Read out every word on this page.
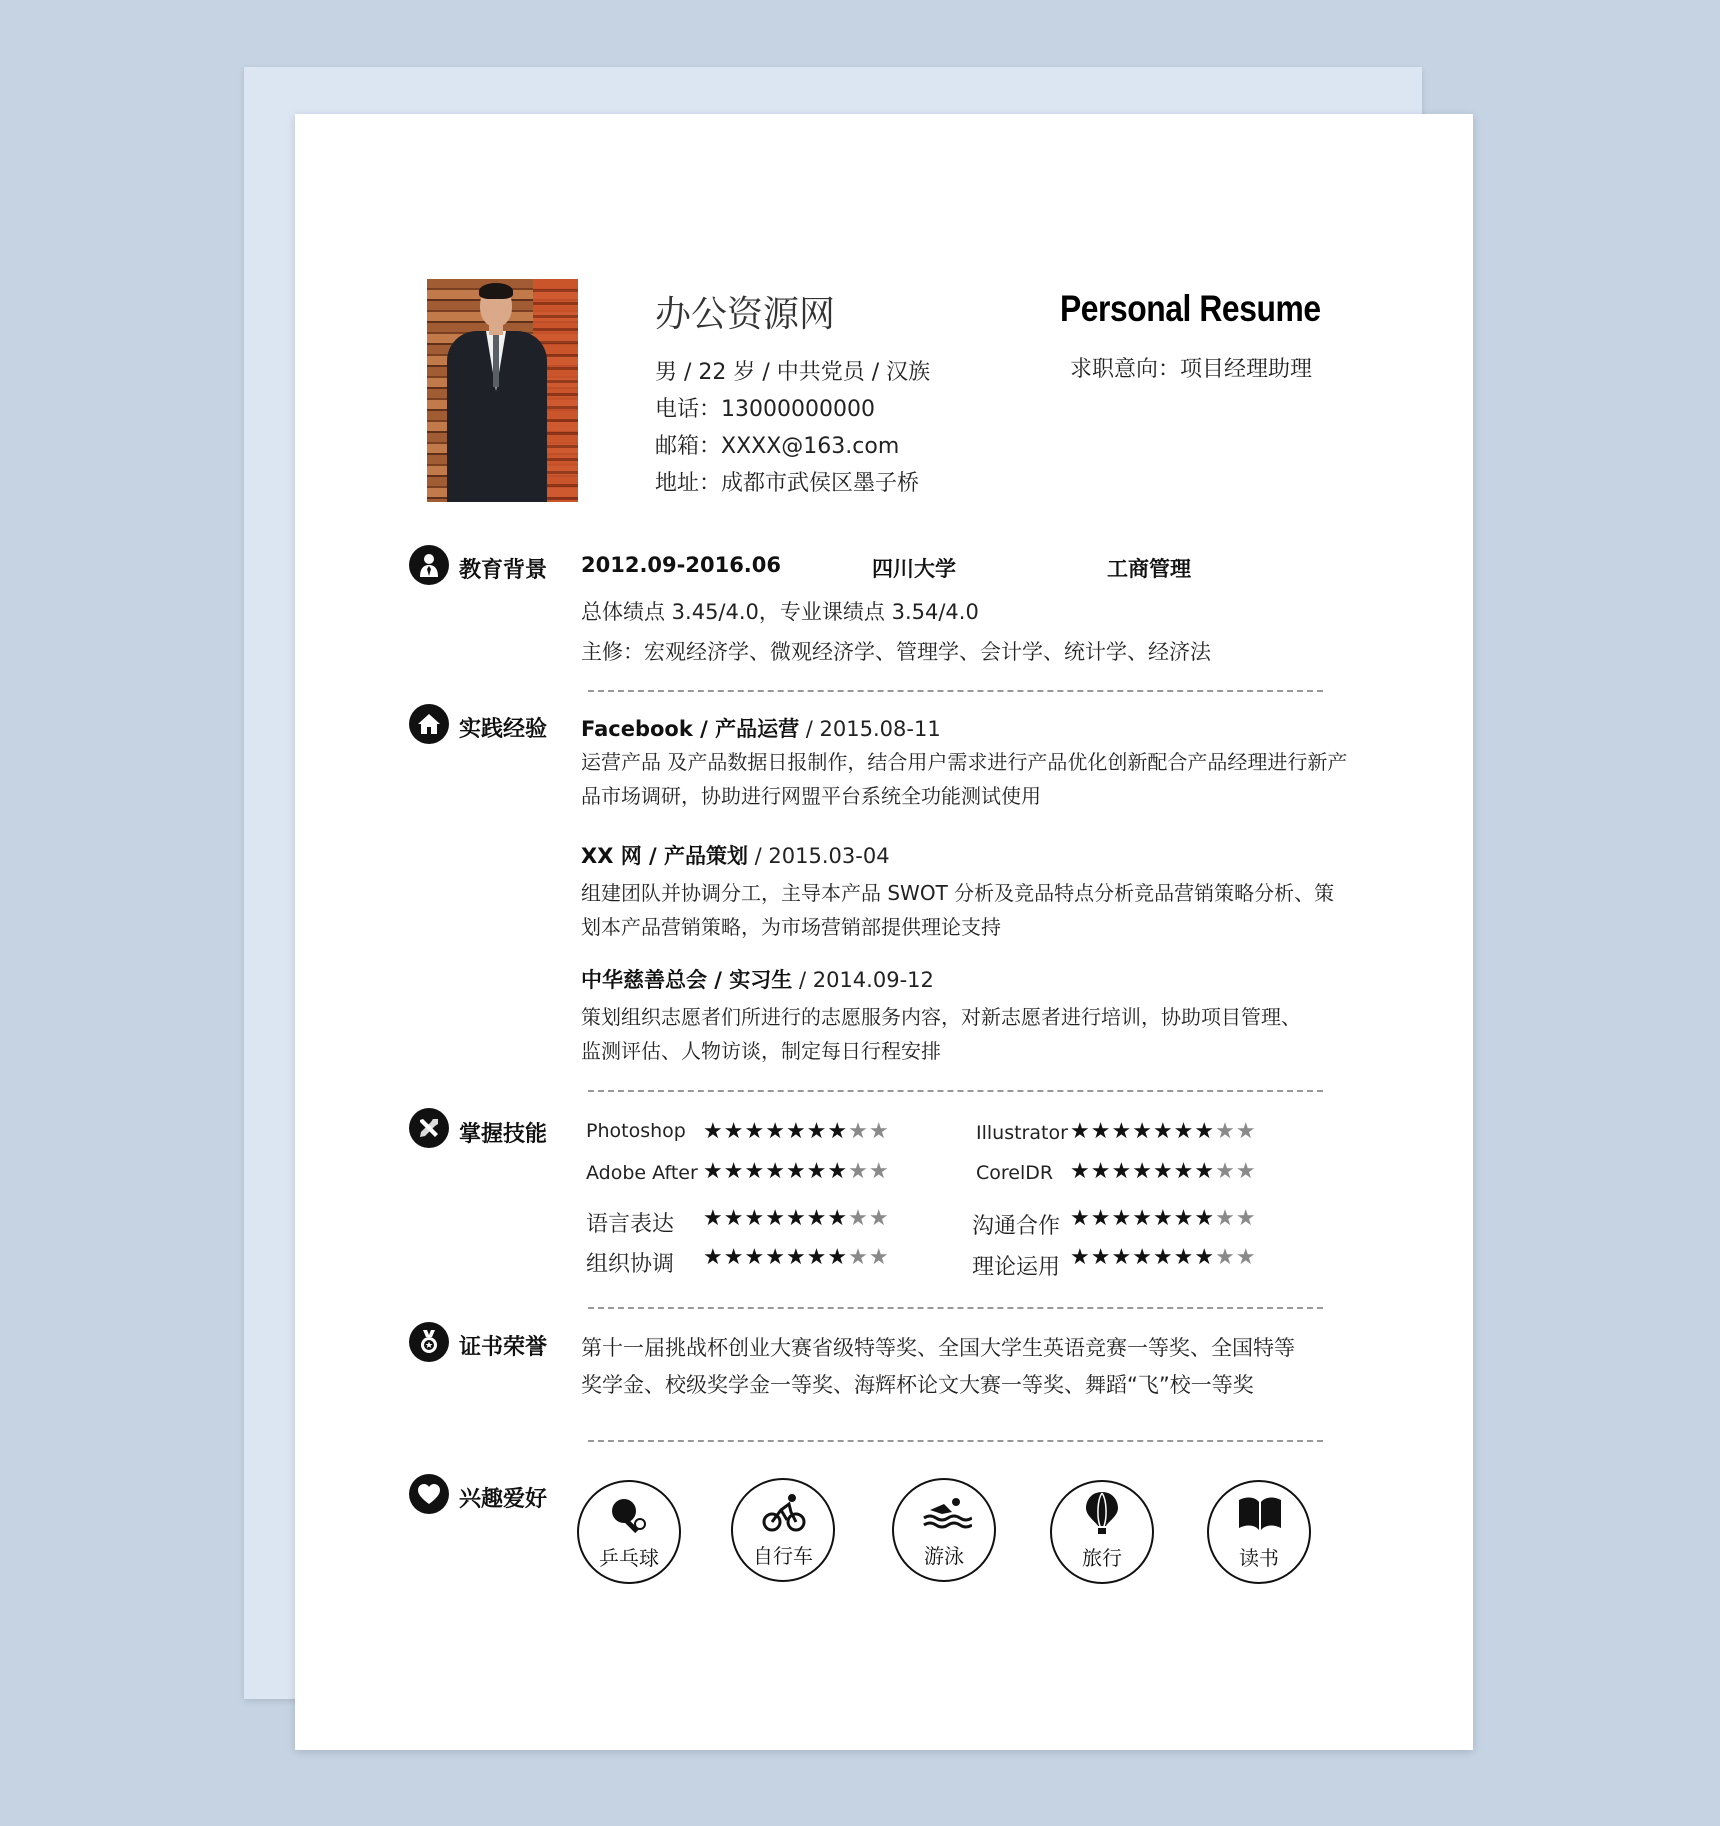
办公资源网
男 / 22 岁 / 中共党员 / 汉族
电话：13000000000
邮箱：XXXX@163.com
地址：成都市武侯区墨子桥
Personal Resume
求职意向：项目经理助理
教育背景 2012.09-2016.06	四川大学	工商管理
总体绩点 3.45/4.0，专业课绩点 3.54/4.0
主修：宏观经济学、微观经济学、管理学、会计学、统计学、经济法
实践经验 Facebook / 产品运营 / 2015.08-11
运营产品 及产品数据日报制作，结合用户需求进行产品优化创新配合产品经理进行新产
品市场调研，协助进行网盟平台系统全功能测试使用
XX 网 / 产品策划 / 2015.03-04
组建团队并协调分工，主导本产品 SWOT 分析及竞品特点分析竞品营销策略分析、策
划本产品营销策略，为市场营销部提供理论支持
中华慈善总会 / 实习生 / 2014.09-12
策划组织志愿者们所进行的志愿服务内容，对新志愿者进行培训，协助项目管理、
监测评估、人物访谈，制定每日行程安排
掌握技能 Photoshop ★★★★★★★★★	Illustrator ★★★★★★★★★
Adobe After ★★★★★★★★★	CorelDR ★★★★★★★★★
语言表达 ★★★★★★★★★	沟通合作 ★★★★★★★★★
组织协调 ★★★★★★★★★	理论运用 ★★★★★★★★★
证书荣誉 第十一届挑战杯创业大赛省级特等奖、全国大学生英语竞赛一等奖、全国特等
奖学金、校级奖学金一等奖、海辉杯论文大赛一等奖、舞蹈“飞”校一等奖
兴趣爱好
乒乓球	自行车	游泳	旅行	读书
